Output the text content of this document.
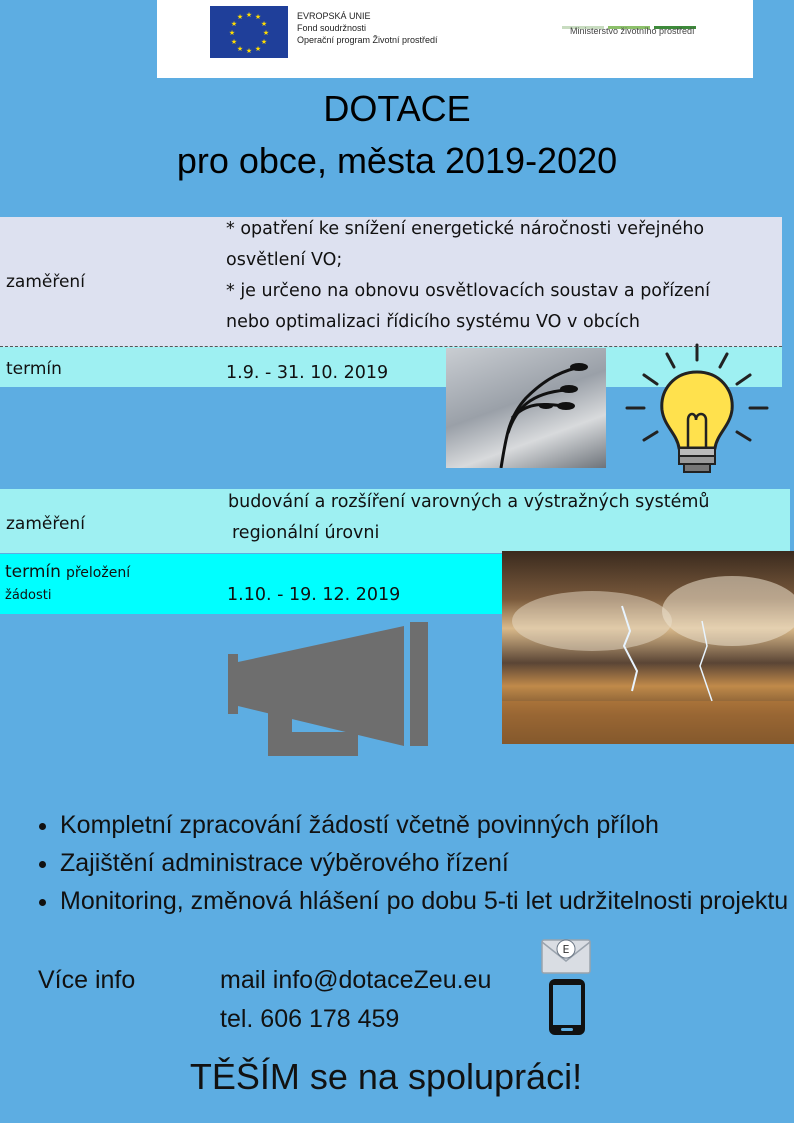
★ ★
★
★
★
★
★
★
★
★
★
★	EVROPSKÁ UNIE
Fond soudržnosti
Operační program Životní prostředí
Ministerstvo životního prostředí
DOTACE
pro obce, města 2019-2020
zaměření
* opatření ke snížení energetické náročnosti veřejného
osvětlení VO;
* je určeno na obnovu osvětlovacích soustav a pořízení
nebo optimalizaci řídicího systému VO v obcích
termín	1.9. - 31. 10. 2019
zaměření
budování a rozšíření varovných a výstražných systémů
regionální úrovni
termín přeložení
žádosti	1.10. - 19. 12. 2019
• Kompletní zpracování žádostí včetně povinných příloh
• Zajištění administrace výběrového řízení
• Monitoring, změnová hlášení po dobu 5-ti let udržitelnosti projektu
Více info	mail info@dotaceZeu.eu
tel. 606 178 459
E
TĚŠÍM se na spolupráci!
